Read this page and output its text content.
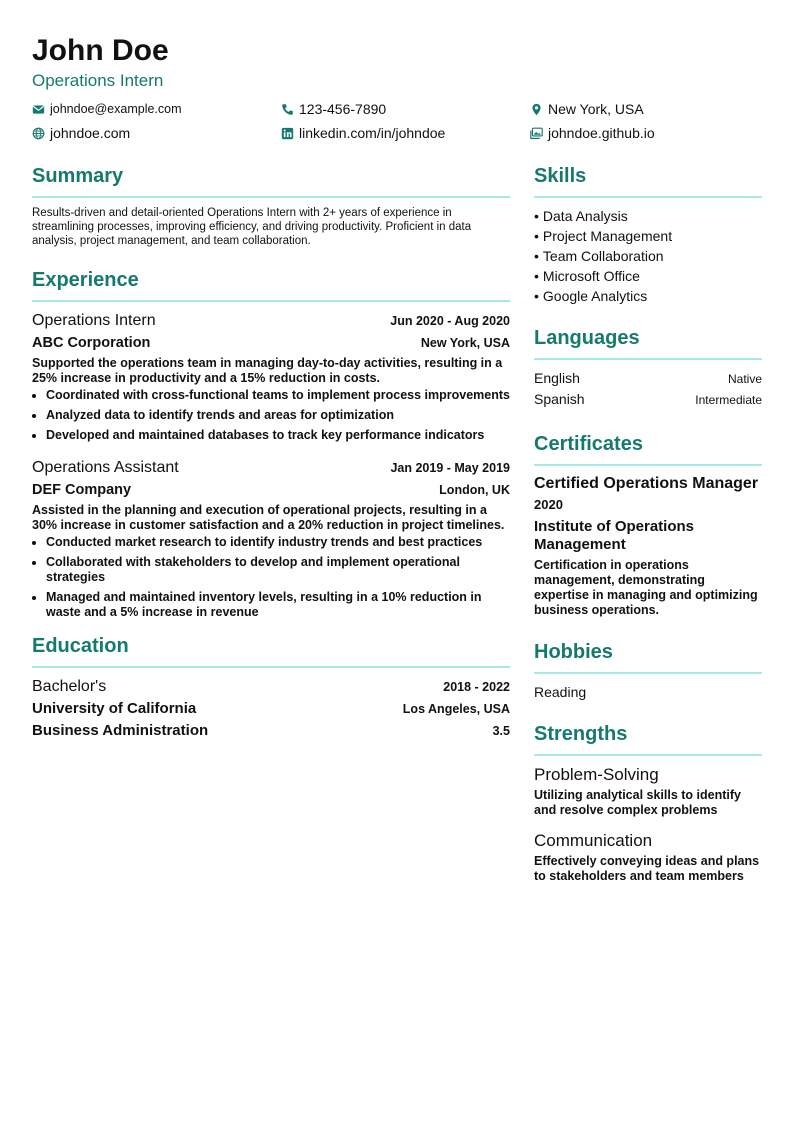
John Doe
Operations Intern
johndoe@example.com	123-456-7890	New York, USA
johndoe.com	linkedin.com/in/johndoe	johndoe.github.io
Summary
Results-driven and detail-oriented Operations Intern with 2+ years of experience in streamlining processes, improving efficiency, and driving productivity. Proficient in data analysis, project management, and team collaboration.
Experience
Operations Intern	Jun 2020 - Aug 2020
ABC Corporation	New York, USA
Supported the operations team in managing day-to-day activities, resulting in a 25% increase in productivity and a 15% reduction in costs.
• Coordinated with cross-functional teams to implement process improvements
• Analyzed data to identify trends and areas for optimization
• Developed and maintained databases to track key performance indicators
Operations Assistant	Jan 2019 - May 2019
DEF Company	London, UK
Assisted in the planning and execution of operational projects, resulting in a 30% increase in customer satisfaction and a 20% reduction in project timelines.
• Conducted market research to identify industry trends and best practices
• Collaborated with stakeholders to develop and implement operational strategies
• Managed and maintained inventory levels, resulting in a 10% reduction in waste and a 5% increase in revenue
Education
Bachelor's	2018 - 2022
University of California	Los Angeles, USA
Business Administration	3.5
Skills
• Data Analysis
• Project Management
• Team Collaboration
• Microsoft Office
• Google Analytics
Languages
English	Native
Spanish	Intermediate
Certificates
Certified Operations Manager
2020
Institute of Operations Management
Certification in operations management, demonstrating expertise in managing and optimizing business operations.
Hobbies
Reading
Strengths
Problem-Solving
Utilizing analytical skills to identify and resolve complex problems
Communication
Effectively conveying ideas and plans to stakeholders and team members
